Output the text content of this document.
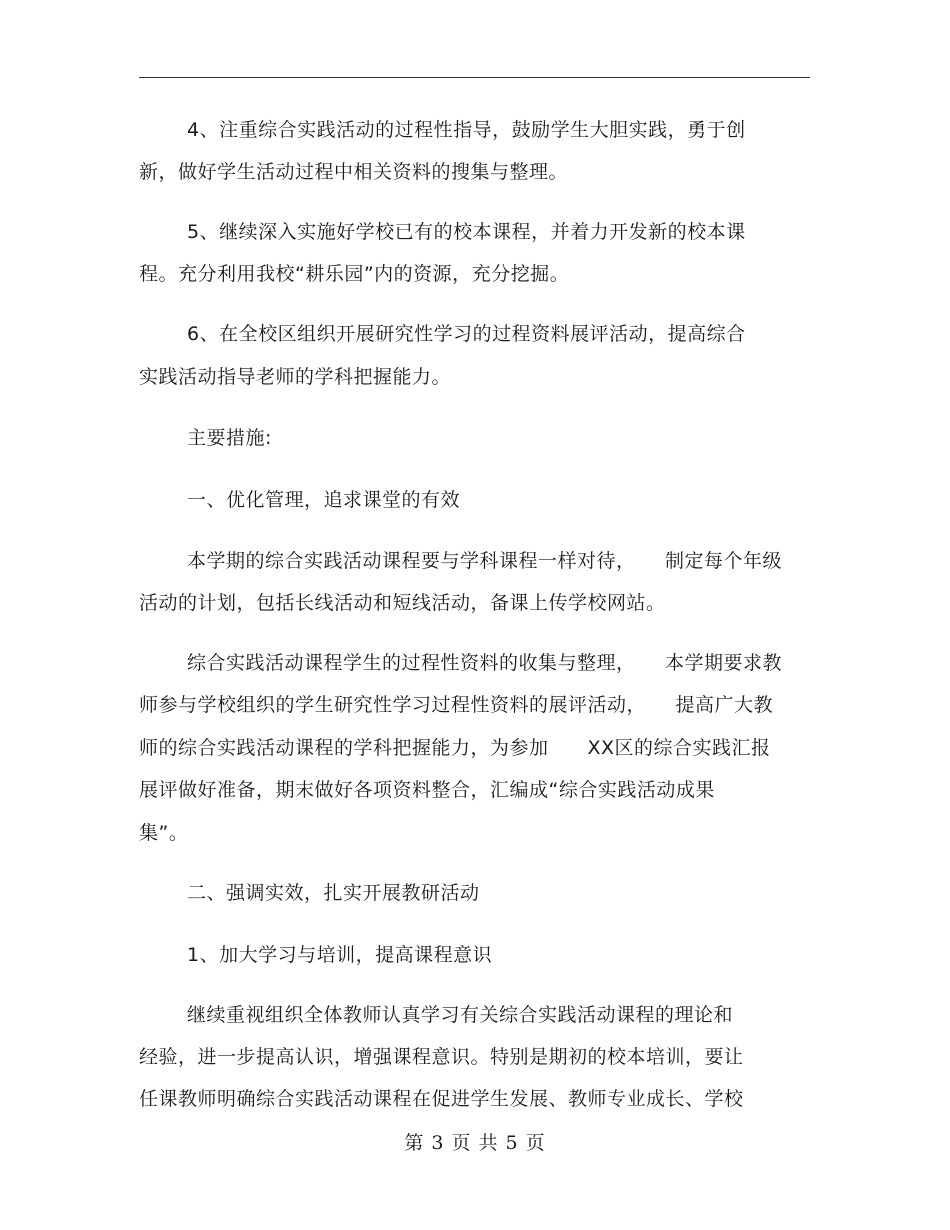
4、注重综合实践活动的过程性指导，鼓励学生大胆实践，勇于创
新，做好学生活动过程中相关资料的搜集与整理。
5、继续深入实施好学校已有的校本课程，并着力开发新的校本课
程。充分利用我校“耕乐园”内的资源，充分挖掘。
6、在全校区组织开展研究性学习的过程资料展评活动，提高综合
实践活动指导老师的学科把握能力。
主要措施:
一、优化管理，追求课堂的有效
本学期的综合实践活动课程要与学科课程一样对待，　　制定每个年级
活动的计划，包括长线活动和短线活动，备课上传学校网站。
综合实践活动课程学生的过程性资料的收集与整理，　　本学期要求教
师参与学校组织的学生研究性学习过程性资料的展评活动，　　提高广大教
师的综合实践活动课程的学科把握能力，为参加　　XX区的综合实践汇报
展评做好准备，期末做好各项资料整合，汇编成“综合实践活动成果
集”。
二、强调实效，扎实开展教研活动
1、加大学习与培训，提高课程意识
继续重视组织全体教师认真学习有关综合实践活动课程的理论和
经验，进一步提高认识，增强课程意识。特别是期初的校本培训，要让
任课教师明确综合实践活动课程在促进学生发展、教师专业成长、学校
第 3 页 共 5 页
